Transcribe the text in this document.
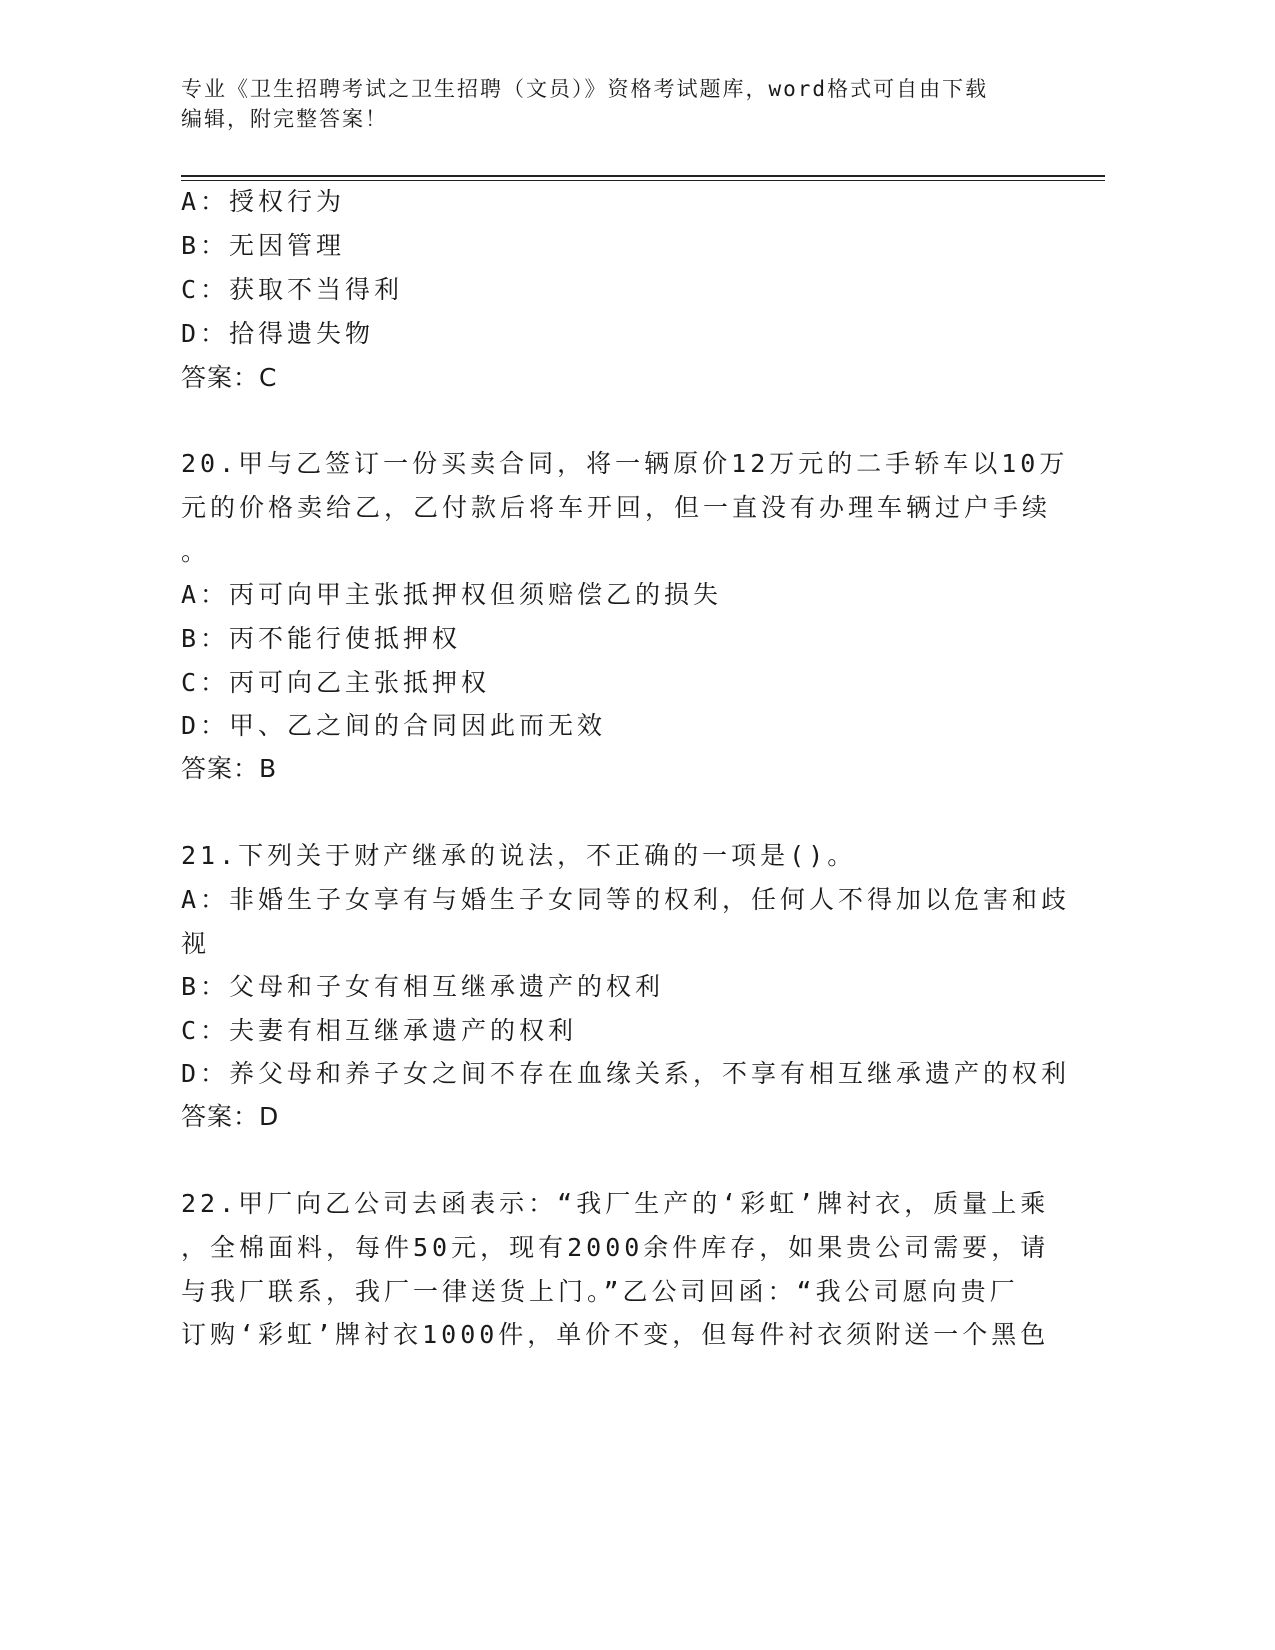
专业《卫生招聘考试之卫生招聘（文员）》资格考试题库，word格式可自由下载
编辑，附完整答案！
A：授权行为
B：无因管理
C：获取不当得利
D：拾得遗失物
答案：C
20.甲与乙签订一份买卖合同，将一辆原价12万元的二手轿车以10万
元的价格卖给乙，乙付款后将车开回，但一直没有办理车辆过户手续
。
A：丙可向甲主张抵押权但须赔偿乙的损失
B：丙不能行使抵押权
C：丙可向乙主张抵押权
D：甲、乙之间的合同因此而无效
答案：B
21.下列关于财产继承的说法，不正确的一项是()。
A：非婚生子女享有与婚生子女同等的权利，任何人不得加以危害和歧
视
B：父母和子女有相互继承遗产的权利
C：夫妻有相互继承遗产的权利
D：养父母和养子女之间不存在血缘关系，不享有相互继承遗产的权利
答案：D
22.甲厂向乙公司去函表示：“我厂生产的‘彩虹’牌衬衣，质量上乘
，全棉面料，每件50元，现有2000余件库存，如果贵公司需要，请
与我厂联系，我厂一律送货上门。”乙公司回函：“我公司愿向贵厂
订购‘彩虹’牌衬衣1000件，单价不变，但每件衬衣须附送一个黑色
